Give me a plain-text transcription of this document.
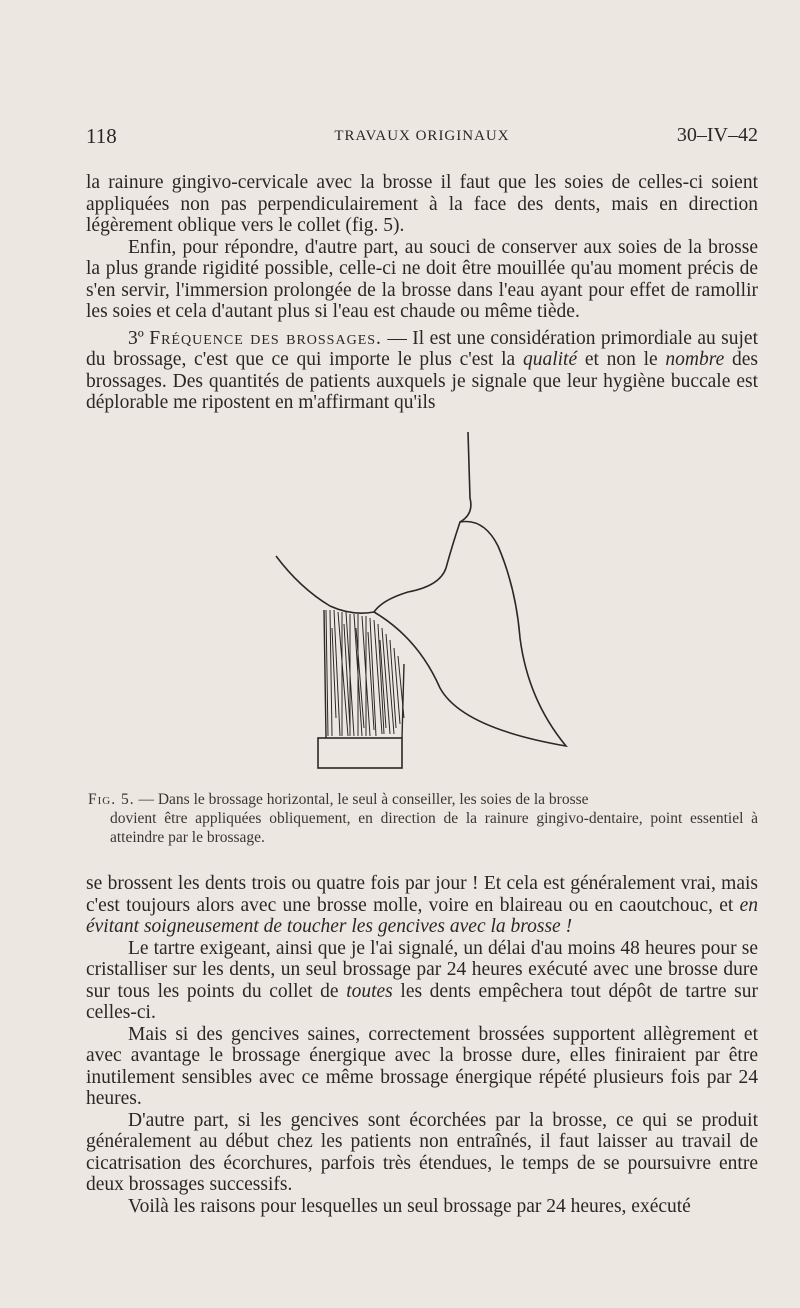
118	TRAVAUX ORIGINAUX	30–IV–42

la rainure gingivo-cervicale avec la brosse il faut que les soies de celles-ci soient appliquées non pas perpendiculairement à la face des dents, mais en direction légèrement oblique vers le collet (fig. 5).

Enfin, pour répondre, d'autre part, au souci de conserver aux soies de la brosse la plus grande rigidité possible, celle-ci ne doit être mouillée qu'au moment précis de s'en servir, l'immersion prolongée de la brosse dans l'eau ayant pour effet de ramollir les soies et cela d'autant plus si l'eau est chaude ou même tiède.

3º Fréquence des brossages. — Il est une considération primordiale au sujet du brossage, c'est que ce qui importe le plus c'est la qualité et non le nombre des brossages. Des quantités de patients auxquels je signale que leur hygiène buccale est déplorable me ripostent en m'affirmant qu'ils

Fig. 5. — Dans le brossage horizontal, le seul à conseiller, les soies de la brosse

dovient être appliquées obliquement, en direction de la rainure gingivo-dentaire, point essentiel à atteindre par le brossage.

se brossent les dents trois ou quatre fois par jour ! Et cela est généralement vrai, mais c'est toujours alors avec une brosse molle, voire en blaireau ou en caoutchouc, et en évitant soigneusement de toucher les gencives avec la brosse !

Le tartre exigeant, ainsi que je l'ai signalé, un délai d'au moins 48 heures pour se cristalliser sur les dents, un seul brossage par 24 heures exécuté avec une brosse dure sur tous les points du collet de toutes les dents empêchera tout dépôt de tartre sur celles-ci.

Mais si des gencives saines, correctement brossées supportent allègrement et avec avantage le brossage énergique avec la brosse dure, elles finiraient par être inutilement sensibles avec ce même brossage énergique répété plusieurs fois par 24 heures.

D'autre part, si les gencives sont écorchées par la brosse, ce qui se produit généralement au début chez les patients non entraînés, il faut laisser au travail de cicatrisation des écorchures, parfois très étendues, le temps de se poursuivre entre deux brossages successifs.

Voilà les raisons pour lesquelles un seul brossage par 24 heures, exécuté
